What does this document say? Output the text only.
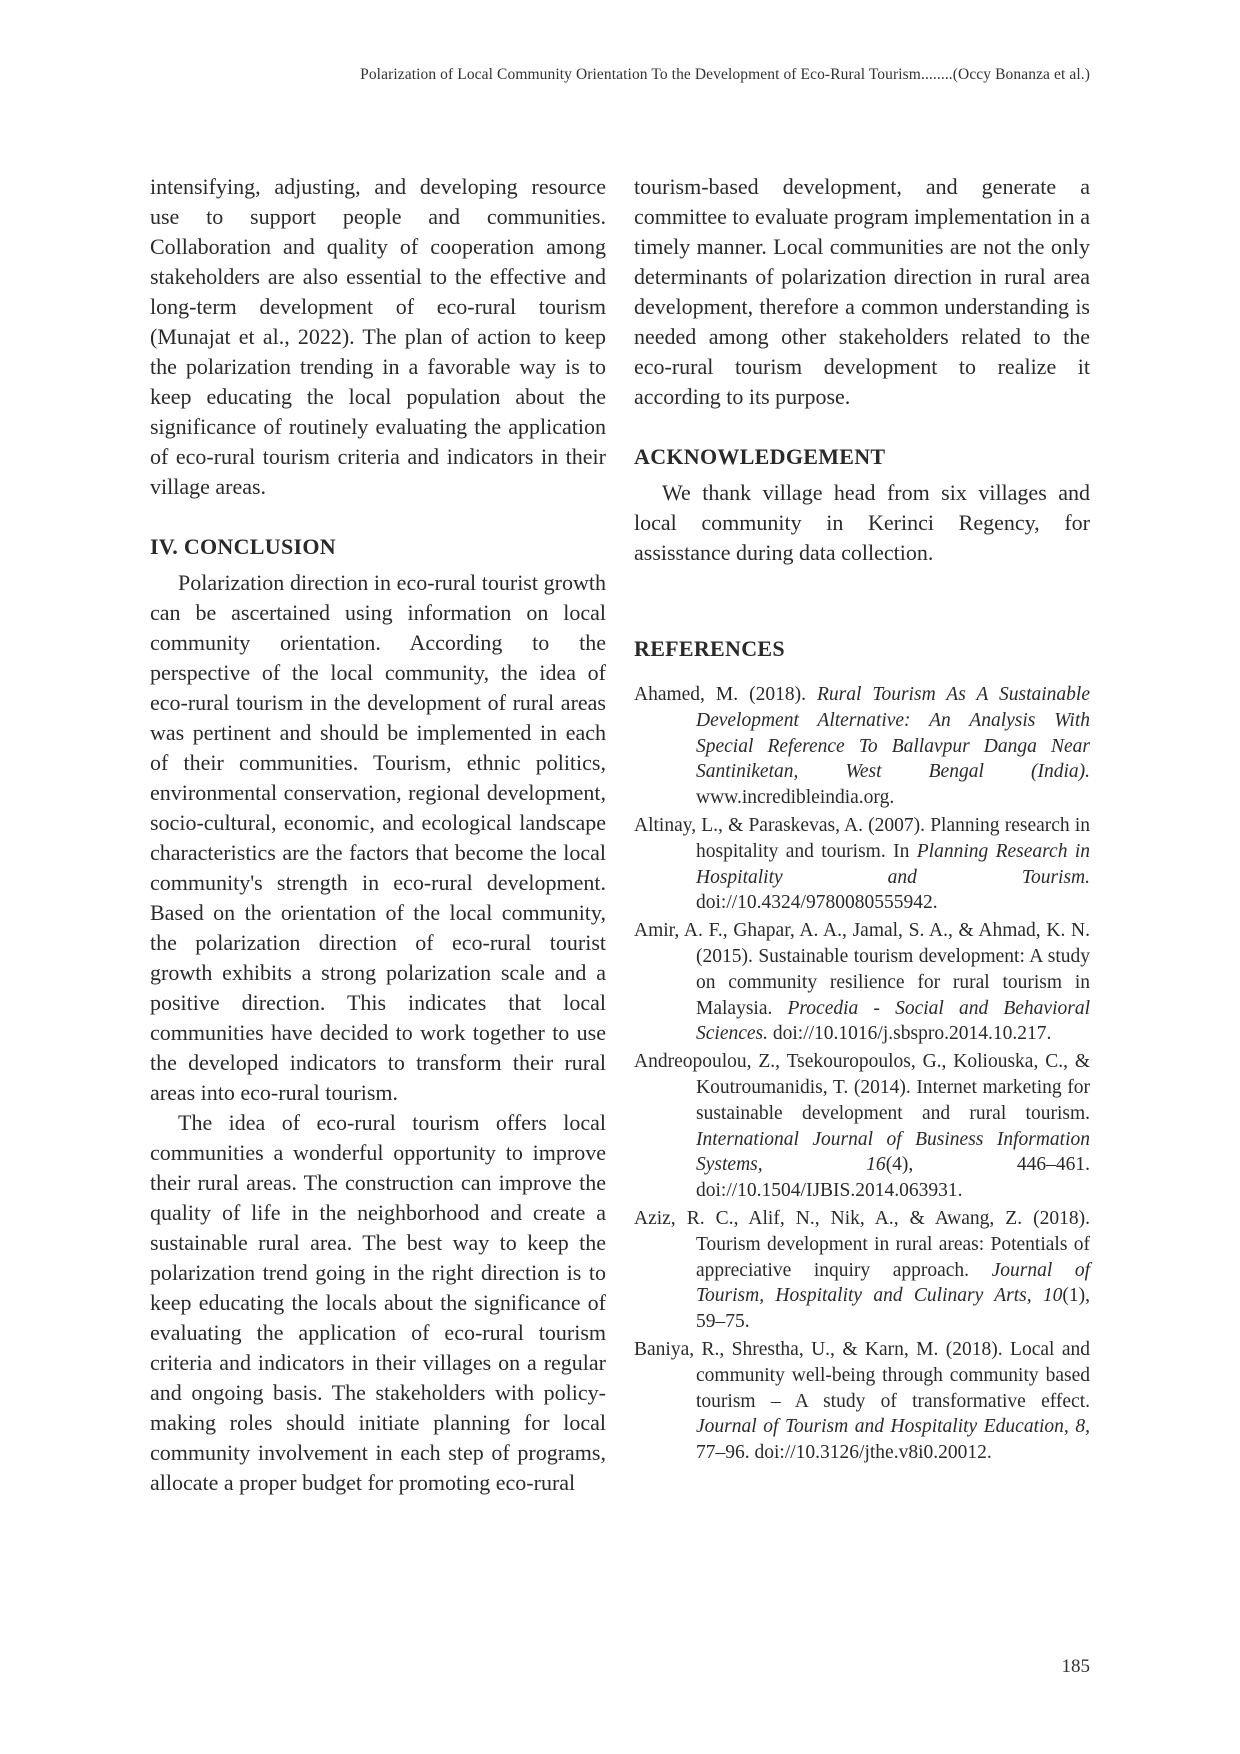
Polarization of Local Community Orientation To the Development of Eco-Rural Tourism........(Occy Bonanza et al.)

intensifying, adjusting, and developing resource use to support people and communities. Collaboration and quality of cooperation among stakeholders are also essential to the effective and long-term development of eco-rural tourism (Munajat et al., 2022). The plan of action to keep the polarization trending in a favorable way is to keep educating the local population about the significance of routinely evaluating the application of eco-rural tourism criteria and indicators in their village areas.

IV. CONCLUSION

Polarization direction in eco-rural tourist growth can be ascertained using information on local community orientation. According to the perspective of the local community, the idea of eco-rural tourism in the development of rural areas was pertinent and should be implemented in each of their communities. Tourism, ethnic politics, environmental conservation, regional development, socio-cultural, economic, and ecological landscape characteristics are the factors that become the local community's strength in eco-rural development. Based on the orientation of the local community, the polarization direction of eco-rural tourist growth exhibits a strong polarization scale and a positive direction. This indicates that local communities have decided to work together to use the developed indicators to transform their rural areas into eco-rural tourism.

The idea of eco-rural tourism offers local communities a wonderful opportunity to improve their rural areas. The construction can improve the quality of life in the neighborhood and create a sustainable rural area. The best way to keep the polarization trend going in the right direction is to keep educating the locals about the significance of evaluating the application of eco-rural tourism criteria and indicators in their villages on a regular and ongoing basis. The stakeholders with policy-making roles should initiate planning for local community involvement in each step of programs, allocate a proper budget for promoting eco-rural

tourism-based development, and generate a committee to evaluate program implementation in a timely manner. Local communities are not the only determinants of polarization direction in rural area development, therefore a common understanding is needed among other stakeholders related to the eco-rural tourism development to realize it according to its purpose.

ACKNOWLEDGEMENT

We thank village head from six villages and local community in Kerinci Regency, for assisstance during data collection.

REFERENCES

Ahamed, M. (2018). Rural Tourism As A Sustainable Development Alternative: An Analysis With Special Reference To Ballavpur Danga Near Santiniketan, West Bengal (India). www.incredibleindia.org.

Altinay, L., & Paraskevas, A. (2007). Planning research in hospitality and tourism. In Planning Research in Hospitality and Tourism. doi://10.4324/9780080555942.

Amir, A. F., Ghapar, A. A., Jamal, S. A., & Ahmad, K. N. (2015). Sustainable tourism development: A study on community resilience for rural tourism in Malaysia. Procedia - Social and Behavioral Sciences. doi://10.1016/j.sbspro.2014.10.217.

Andreopoulou, Z., Tsekouropoulos, G., Koliouska, C., & Koutroumanidis, T. (2014). Internet marketing for sustainable development and rural tourism. International Journal of Business Information Systems, 16(4), 446–461. doi://10.1504/IJBIS.2014.063931.

Aziz, R. C., Alif, N., Nik, A., & Awang, Z. (2018). Tourism development in rural areas: Potentials of appreciative inquiry approach. Journal of Tourism, Hospitality and Culinary Arts, 10(1), 59–75.

Baniya, R., Shrestha, U., & Karn, M. (2018). Local and community well-being through community based tourism – A study of transformative effect. Journal of Tourism and Hospitality Education, 8, 77–96. doi://10.3126/jthe.v8i0.20012.

185
